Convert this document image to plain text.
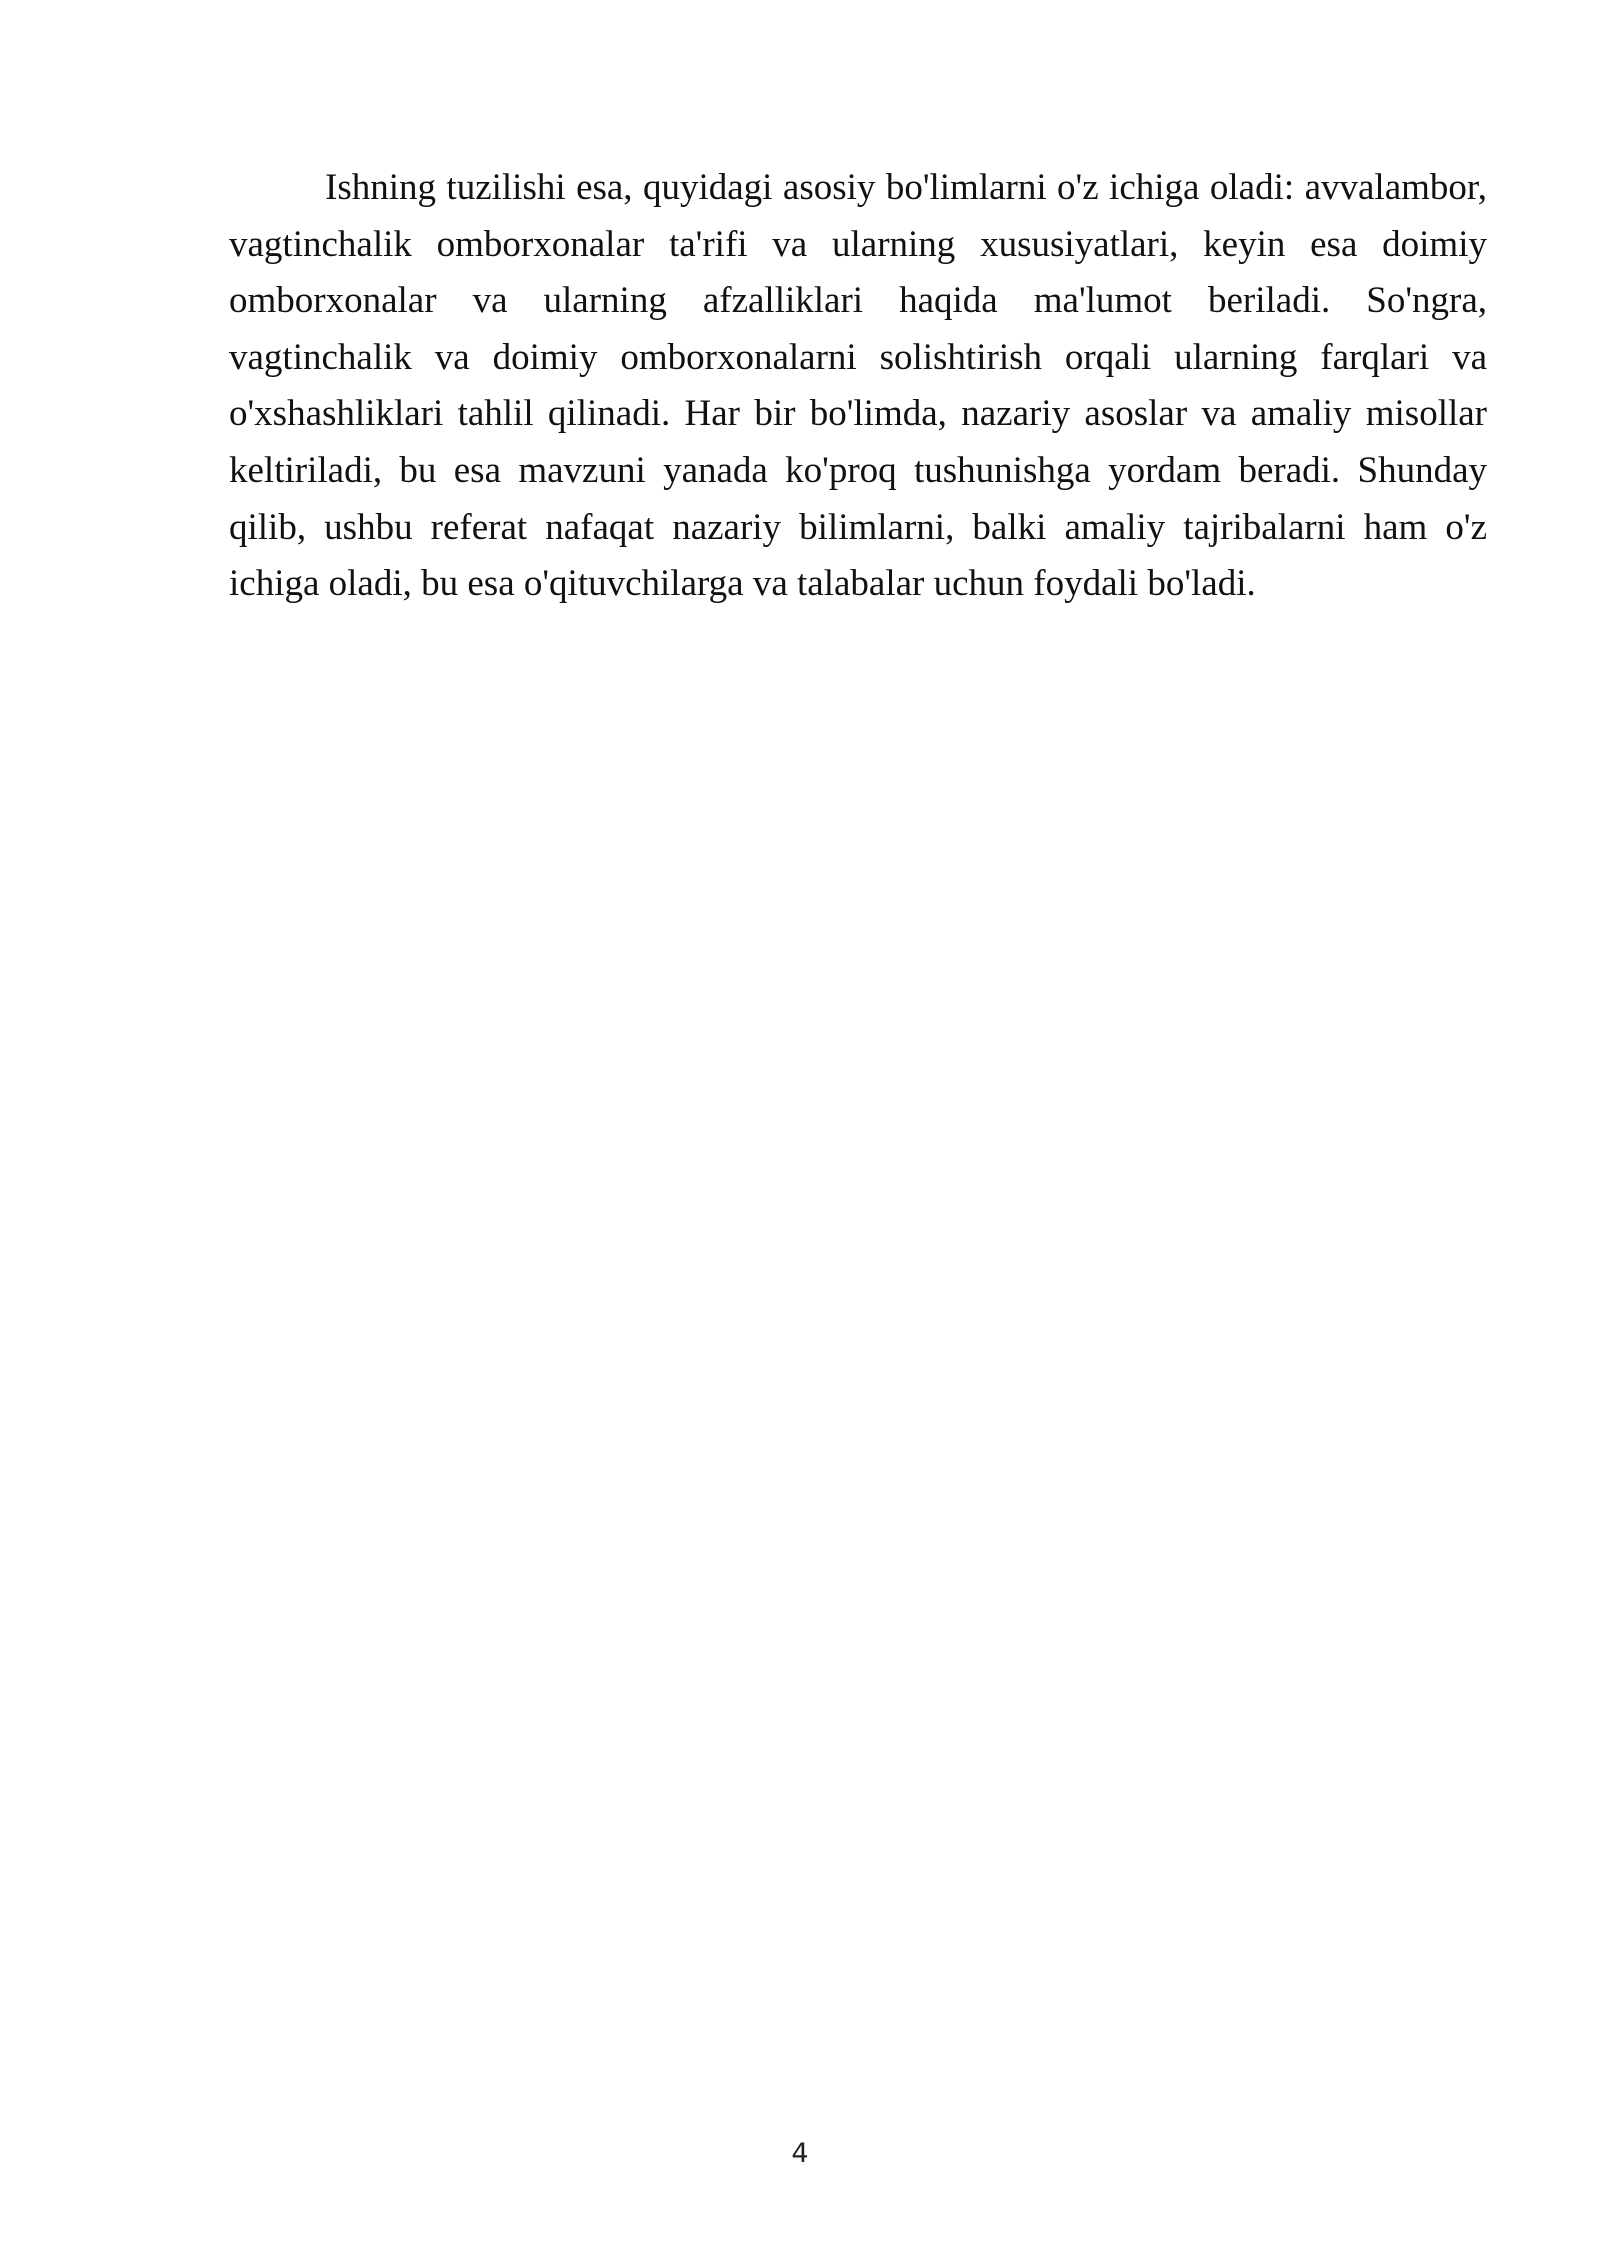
Ishning tuzilishi esa, quyidagi asosiy bo'limlarni o'z ichiga oladi: avvalambor, vagtinchalik omborxonalar ta'rifi va ularning xususiyatlari, keyin esa doimiy omborxonalar va ularning afzalliklari haqida ma'lumot beriladi. So'ngra, vagtinchalik va doimiy omborxonalarni solishtirish orqali ularning farqlari va o'xshashliklari tahlil qilinadi. Har bir bo'limda, nazariy asoslar va amaliy misollar keltiriladi, bu esa mavzuni yanada ko'proq tushunishga yordam beradi. Shunday qilib, ushbu referat nafaqat nazariy bilimlarni, balki amaliy tajribalarni ham o'z ichiga oladi, bu esa o'qituvchilarga va talabalar uchun foydali bo'ladi.

4
